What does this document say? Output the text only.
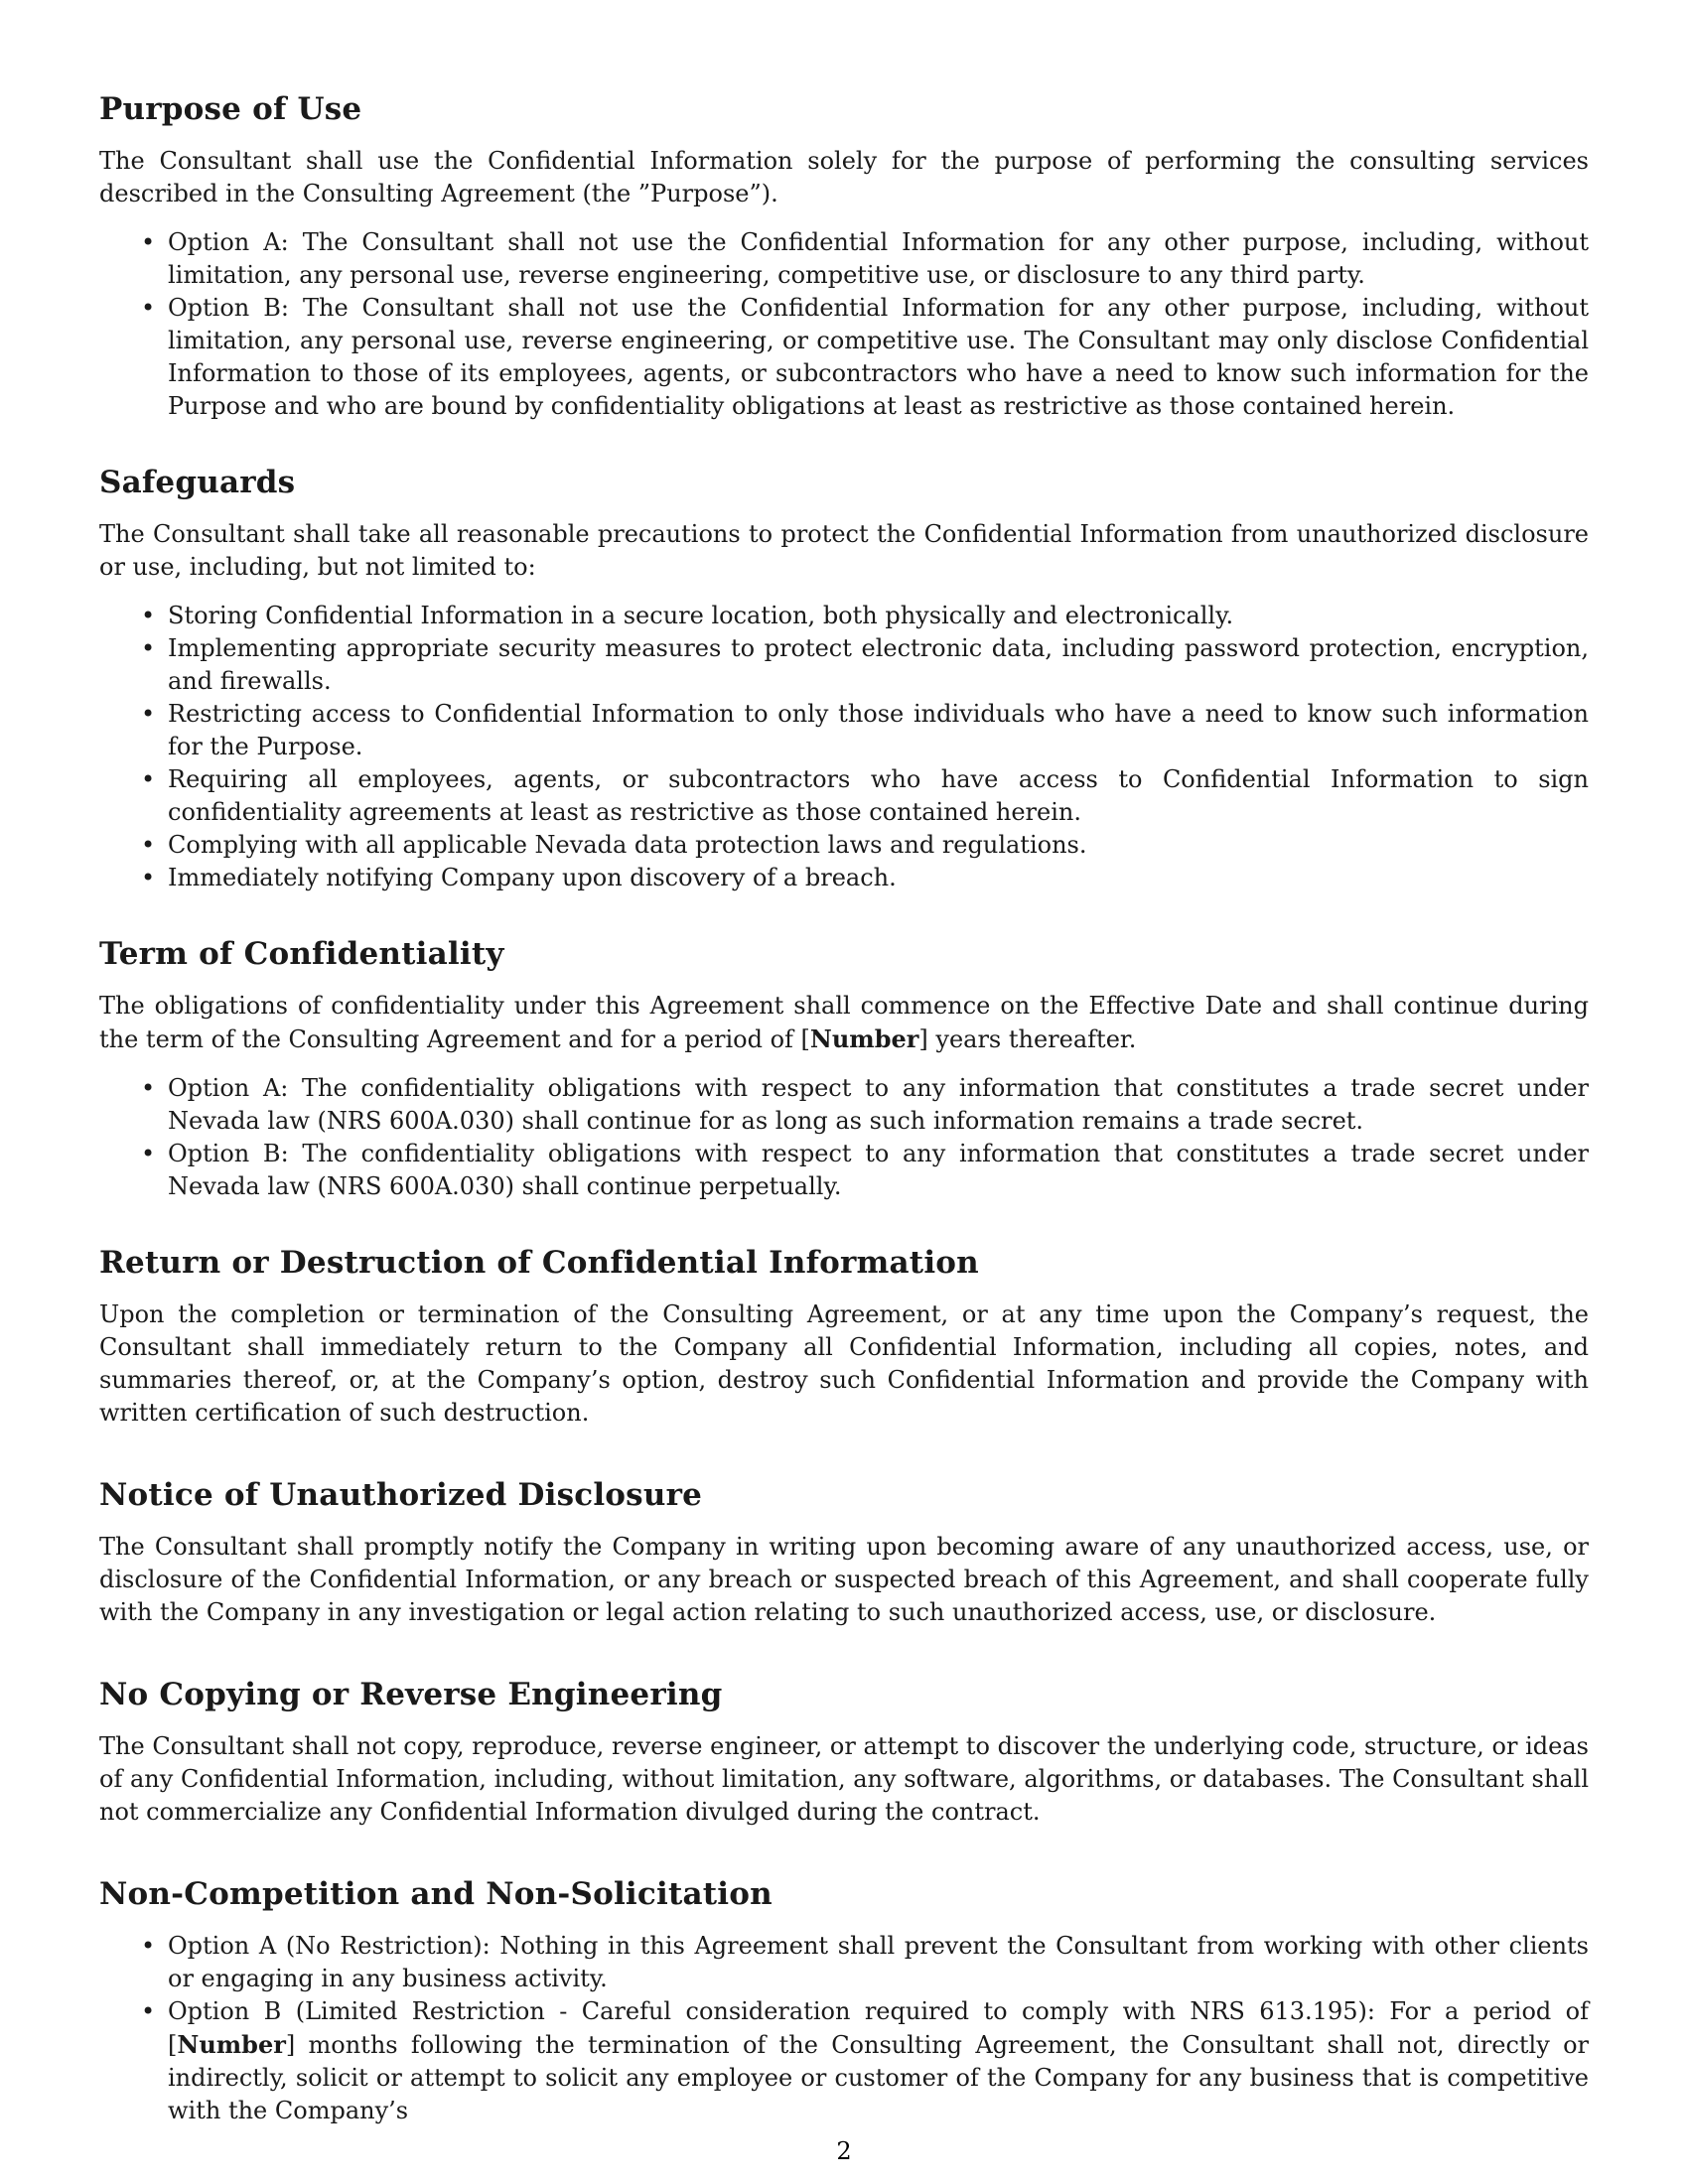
Purpose of Use

The Consultant shall use the Confidential Information solely for the purpose of performing the consulting services described in the Consulting Agreement (the ”Purpose”).

• Option A: The Consultant shall not use the Confidential Information for any other purpose, including, without limitation, any personal use, reverse engineering, competitive use, or disclosure to any third party.
• Option B: The Consultant shall not use the Confidential Information for any other purpose, including, without limitation, any personal use, reverse engineering, or competitive use. The Consultant may only disclose Confidential Information to those of its employees, agents, or subcontractors who have a need to know such information for the Purpose and who are bound by confidentiality obligations at least as restrictive as those contained herein.
Safeguards

The Consultant shall take all reasonable precautions to protect the Confidential Information from unauthorized disclosure or use, including, but not limited to:

• Storing Confidential Information in a secure location, both physically and electronically.
• Implementing appropriate security measures to protect electronic data, including password protection, encryption, and firewalls.
• Restricting access to Confidential Information to only those individuals who have a need to know such information for the Purpose.
• Requiring all employees, agents, or subcontractors who have access to Confidential Information to sign confidentiality agreements at least as restrictive as those contained herein.
• Complying with all applicable Nevada data protection laws and regulations.
• Immediately notifying Company upon discovery of a breach.
Term of Confidentiality

The obligations of confidentiality under this Agreement shall commence on the Effective Date and shall continue during the term of the Consulting Agreement and for a period of [Number] years thereafter.

• Option A: The confidentiality obligations with respect to any information that constitutes a trade secret under Nevada law (NRS 600A.030) shall continue for as long as such information remains a trade secret.
• Option B: The confidentiality obligations with respect to any information that constitutes a trade secret under Nevada law (NRS 600A.030) shall continue perpetually.
Return or Destruction of Confidential Information

Upon the completion or termination of the Consulting Agreement, or at any time upon the Company’s request, the Consultant shall immediately return to the Company all Confidential Information, including all copies, notes, and summaries thereof, or, at the Company’s option, destroy such Confidential Information and provide the Company with written certification of such destruction.

Notice of Unauthorized Disclosure

The Consultant shall promptly notify the Company in writing upon becoming aware of any unauthorized access, use, or disclosure of the Confidential Information, or any breach or suspected breach of this Agreement, and shall cooperate fully with the Company in any investigation or legal action relating to such unauthorized access, use, or disclosure.

No Copying or Reverse Engineering

The Consultant shall not copy, reproduce, reverse engineer, or attempt to discover the underlying code, structure, or ideas of any Confidential Information, including, without limitation, any software, algorithms, or databases. The Consultant shall not commercialize any Confidential Information divulged during the contract.

Non-Competition and Non-Solicitation
• Option A (No Restriction): Nothing in this Agreement shall prevent the Consultant from working with other clients or engaging in any business activity.
• Option B (Limited Restriction - Careful consideration required to comply with NRS 613.195): For a period of [Number] months following the termination of the Consulting Agreement, the Consultant shall not, directly or indirectly, solicit or attempt to solicit any employee or customer of the Company for any business that is competitive with the Company’s
2
